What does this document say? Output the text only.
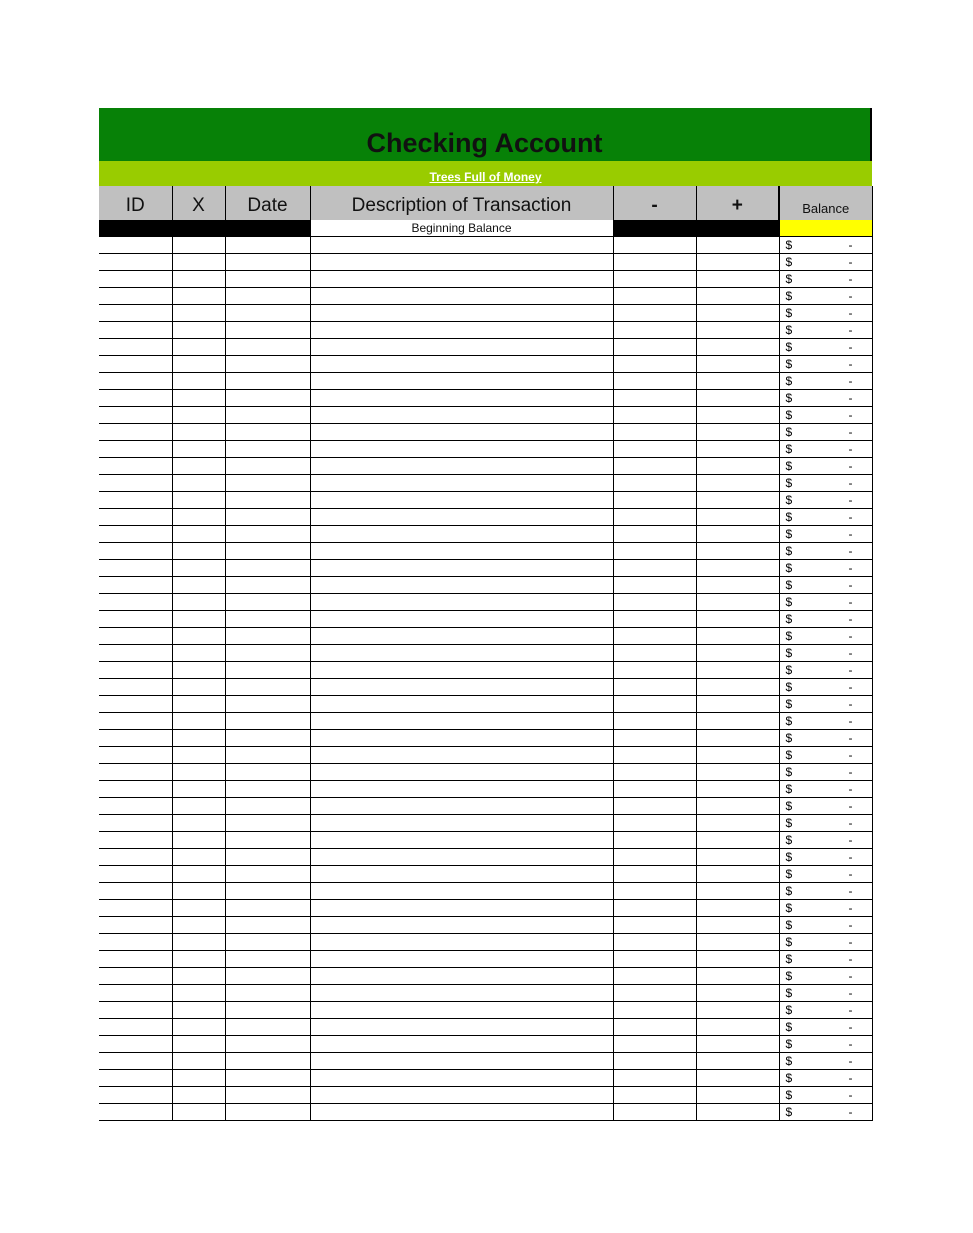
Checking Account
Trees Full of Money
ID	X	Date	Description of Transaction	-	+	Balance
			Beginning Balance			

						$ -

						$ -

						$ -

						$ -

						$ -

						$ -

						$ -

						$ -

						$ -

						$ -

						$ -

						$ -

						$ -

						$ -

						$ -

						$ -

						$ -

						$ -

						$ -

						$ -

						$ -

						$ -

						$ -

						$ -

						$ -

						$ -

						$ -

						$ -

						$ -

						$ -

						$ -

						$ -

						$ -

						$ -

						$ -

						$ -

						$ -

						$ -

						$ -

						$ -

						$ -

						$ -

						$ -

						$ -

						$ -

						$ -

						$ -

						$ -

						$ -

						$ -

						$ -

						$ -
